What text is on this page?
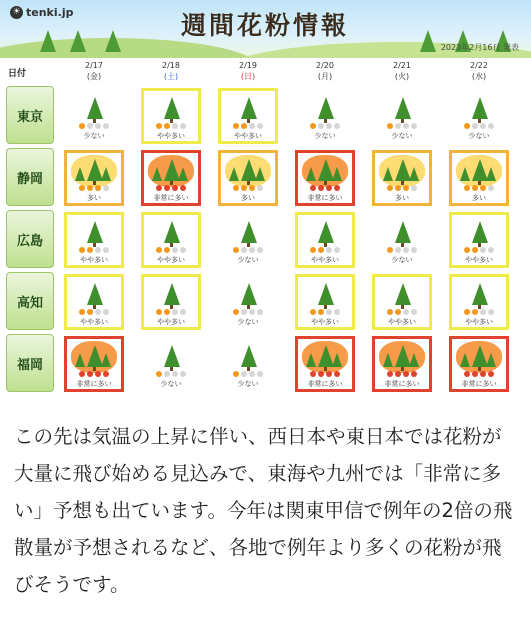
☀ tenki.jp	週間花粉情報
2023年2月16日 発表
日付
2/17
(金)
2/18
(土)
2/19
(日)
2/20
(月)
2/21
(火)
2/22
(水)
東京
少ない	やや多い	やや多い	少ない	少ない	少ない
静岡
多い	非常に多い	多い	非常に多い	多い	多い
広島
やや多い	やや多い	少ない	やや多い	少ない	やや多い
高知
やや多い	やや多い	少ない	やや多い	やや多い	やや多い
福岡
非常に多い	少ない	少ない	非常に多い	非常に多い	非常に多い
この先は気温の上昇に伴い、西日本や東日本では花粉が大量に飛び始める見込みで、東海や九州では「非常に多い」予想も出ています。今年は関東甲信で例年の2倍の飛散量が予想されるなど、各地で例年より多くの花粉が飛びそうです。
